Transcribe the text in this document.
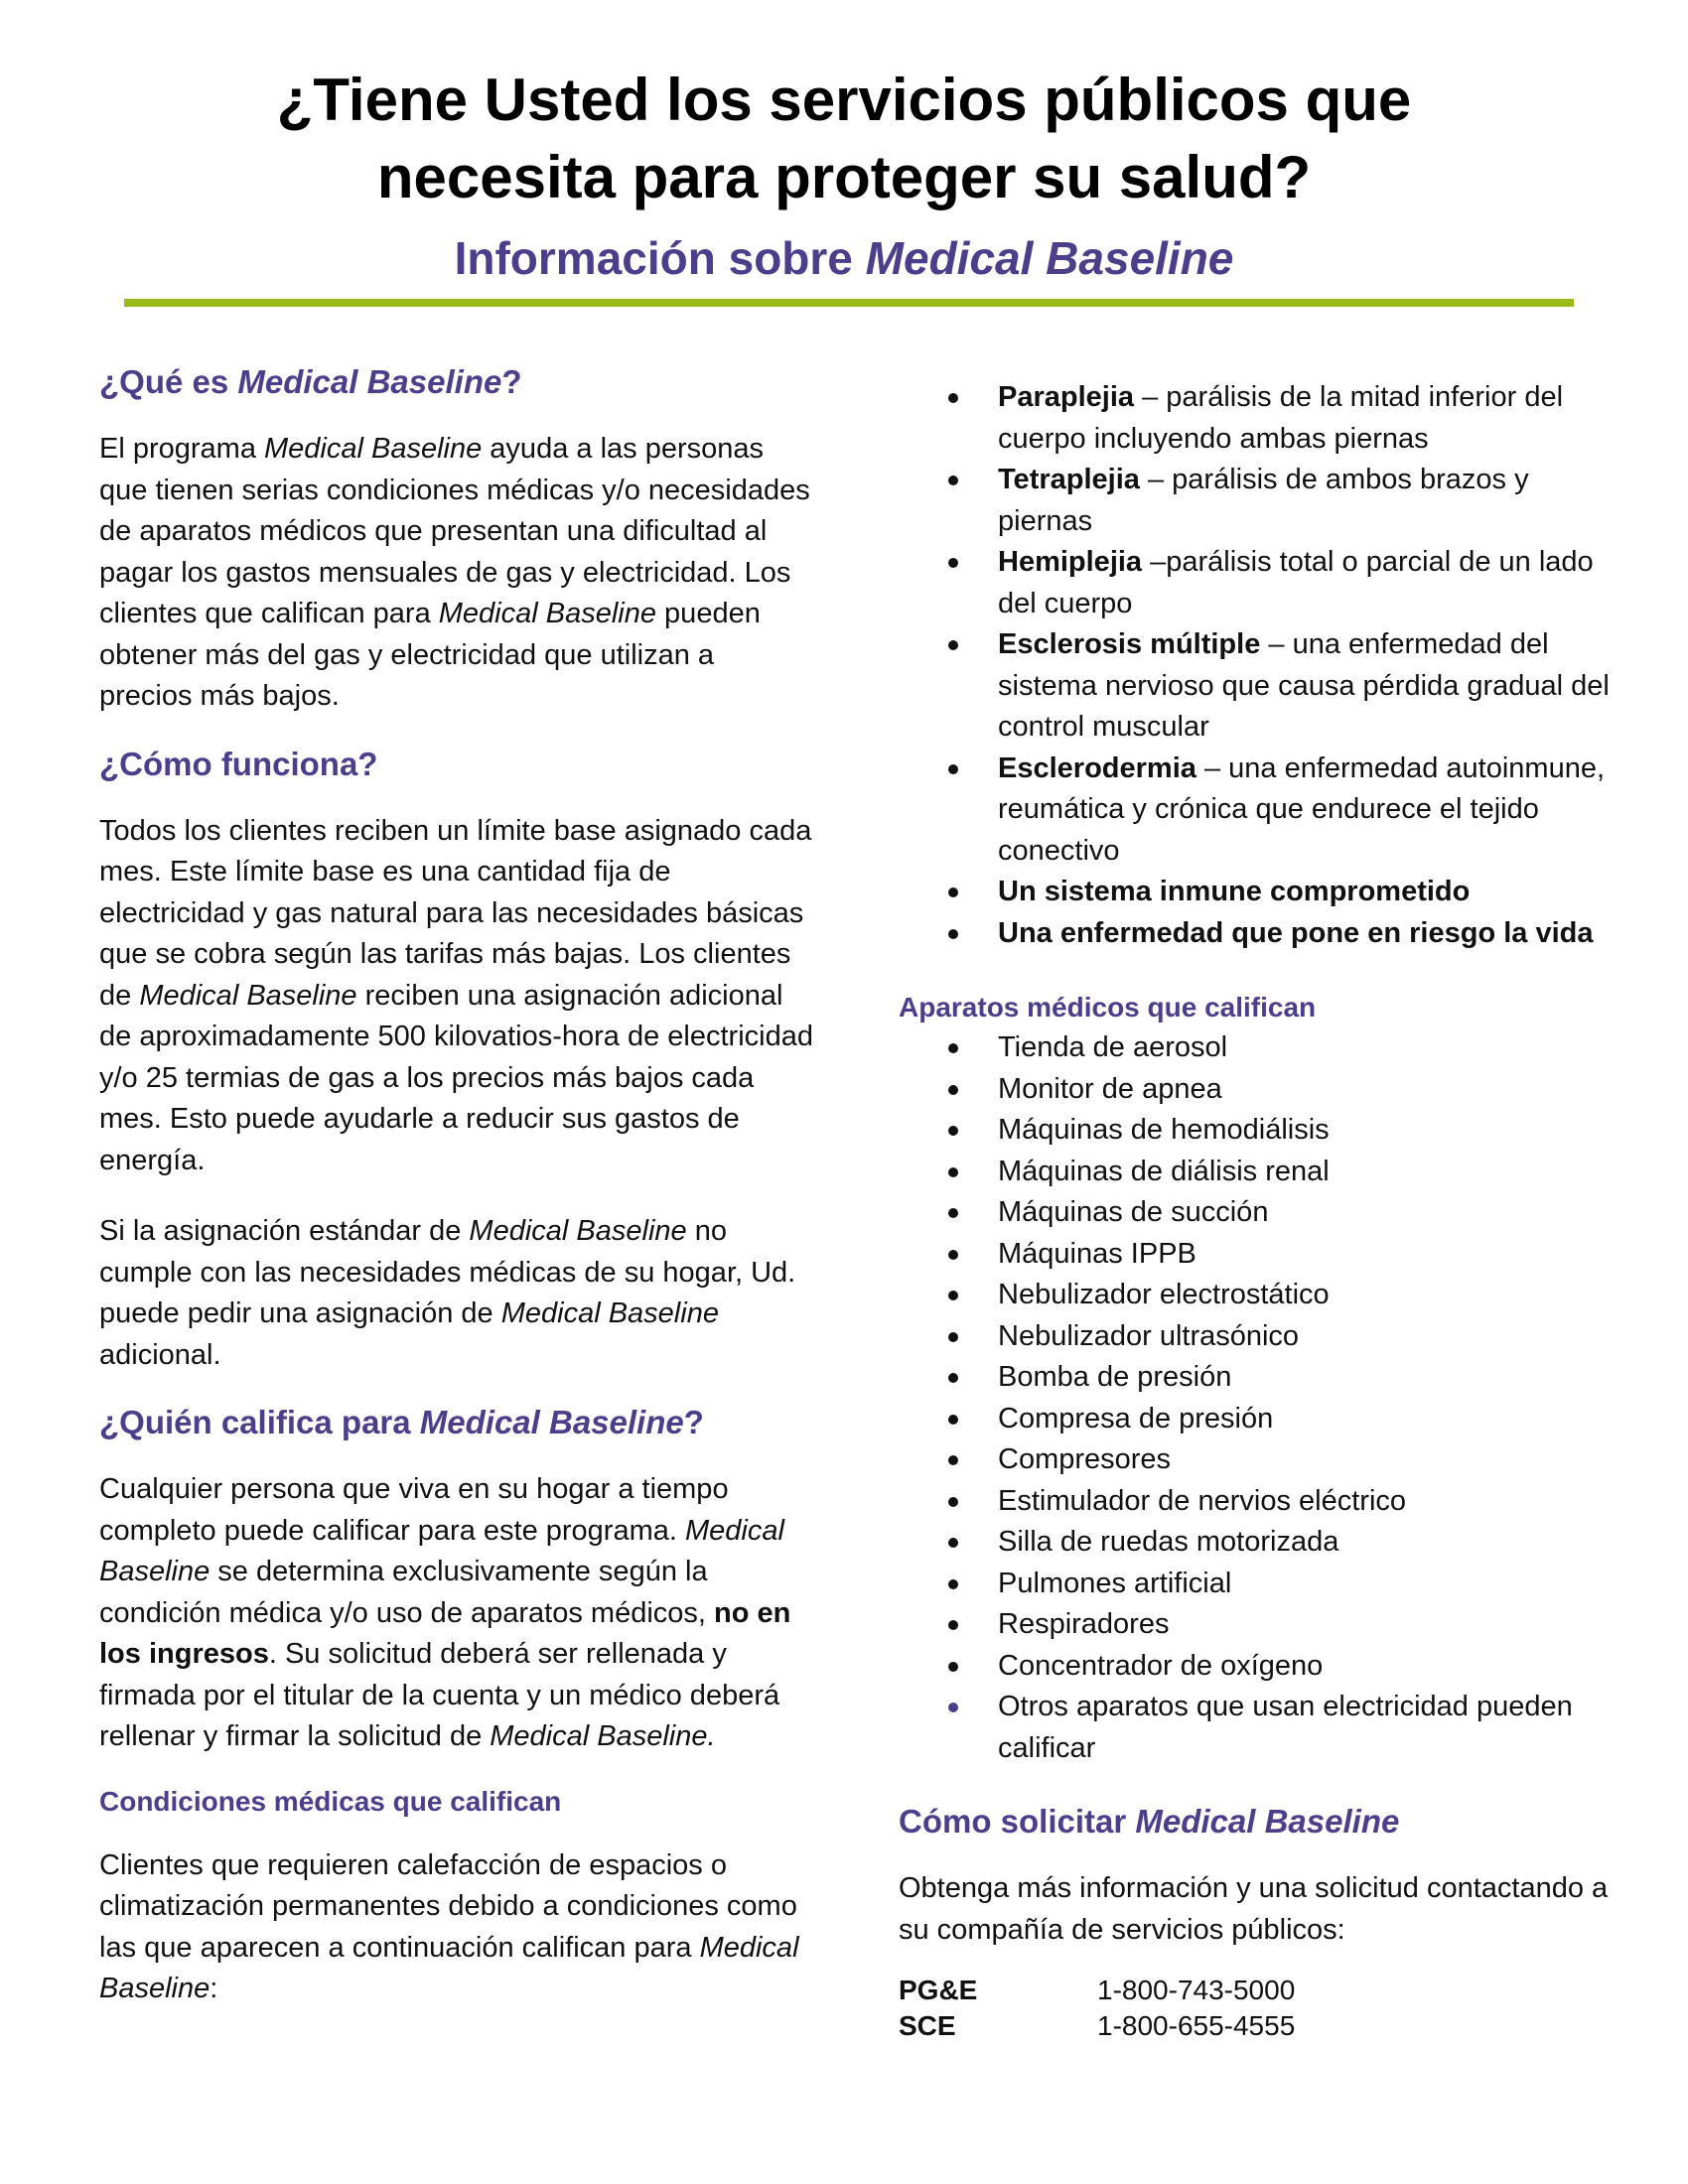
¿Tiene Usted los servicios públicos que
necesita para proteger su salud?
Información sobre Medical Baseline
¿Qué es Medical Baseline?

El programa Medical Baseline ayuda a las personas que tienen serias condiciones médicas y/o necesidades de aparatos médicos que presentan una dificultad al pagar los gastos mensuales de gas y electricidad. Los clientes que califican para Medical Baseline pueden obtener más del gas y electricidad que utilizan a precios más bajos.

¿Cómo funciona?

Todos los clientes reciben un límite base asignado cada mes. Este límite base es una cantidad fija de electricidad y gas natural para las necesidades básicas que se cobra según las tarifas más bajas. Los clientes de Medical Baseline reciben una asignación adicional de aproximadamente 500 kilovatios-hora de electricidad y/o 25 termias de gas a los precios más bajos cada mes. Esto puede ayudarle a reducir sus gastos de energía.

Si la asignación estándar de Medical Baseline no cumple con las necesidades médicas de su hogar, Ud. puede pedir una asignación de Medical Baseline adicional.

¿Quién califica para Medical Baseline?

Cualquier persona que viva en su hogar a tiempo completo puede calificar para este programa. Medical Baseline se determina exclusivamente según la condición médica y/o uso de aparatos médicos, no en los ingresos. Su solicitud deberá ser rellenada y firmada por el titular de la cuenta y un médico deberá rellenar y firmar la solicitud de Medical Baseline.

Condiciones médicas que califican

Clientes que requieren calefacción de espacios o climatización permanentes debido a condiciones como las que aparecen a continuación califican para Medical Baseline:

Paraplejia – parálisis de la mitad inferior del cuerpo incluyendo ambas piernas
Tetraplejia – parálisis de ambos brazos y piernas
Hemiplejia –parálisis total o parcial de un lado del cuerpo
Esclerosis múltiple – una enfermedad del sistema nervioso que causa pérdida gradual del control muscular
Esclerodermia – una enfermedad autoinmune, reumática y crónica que endurece el tejido conectivo
Un sistema inmune comprometido
Una enfermedad que pone en riesgo la vida
Aparatos médicos que califican
Tienda de aerosol
Monitor de apnea
Máquinas de hemodiálisis
Máquinas de diálisis renal
Máquinas de succión
Máquinas IPPB
Nebulizador electrostático
Nebulizador ultrasónico
Bomba de presión
Compresa de presión
Compresores
Estimulador de nervios eléctrico
Silla de ruedas motorizada
Pulmones artificial
Respiradores
Concentrador de oxígeno
Otros aparatos que usan electricidad pueden calificar
Cómo solicitar Medical Baseline

Obtenga más información y una solicitud contactando a su compañía de servicios públicos:

PG&E	1-800-743-5000
SCE	1-800-655-4555
